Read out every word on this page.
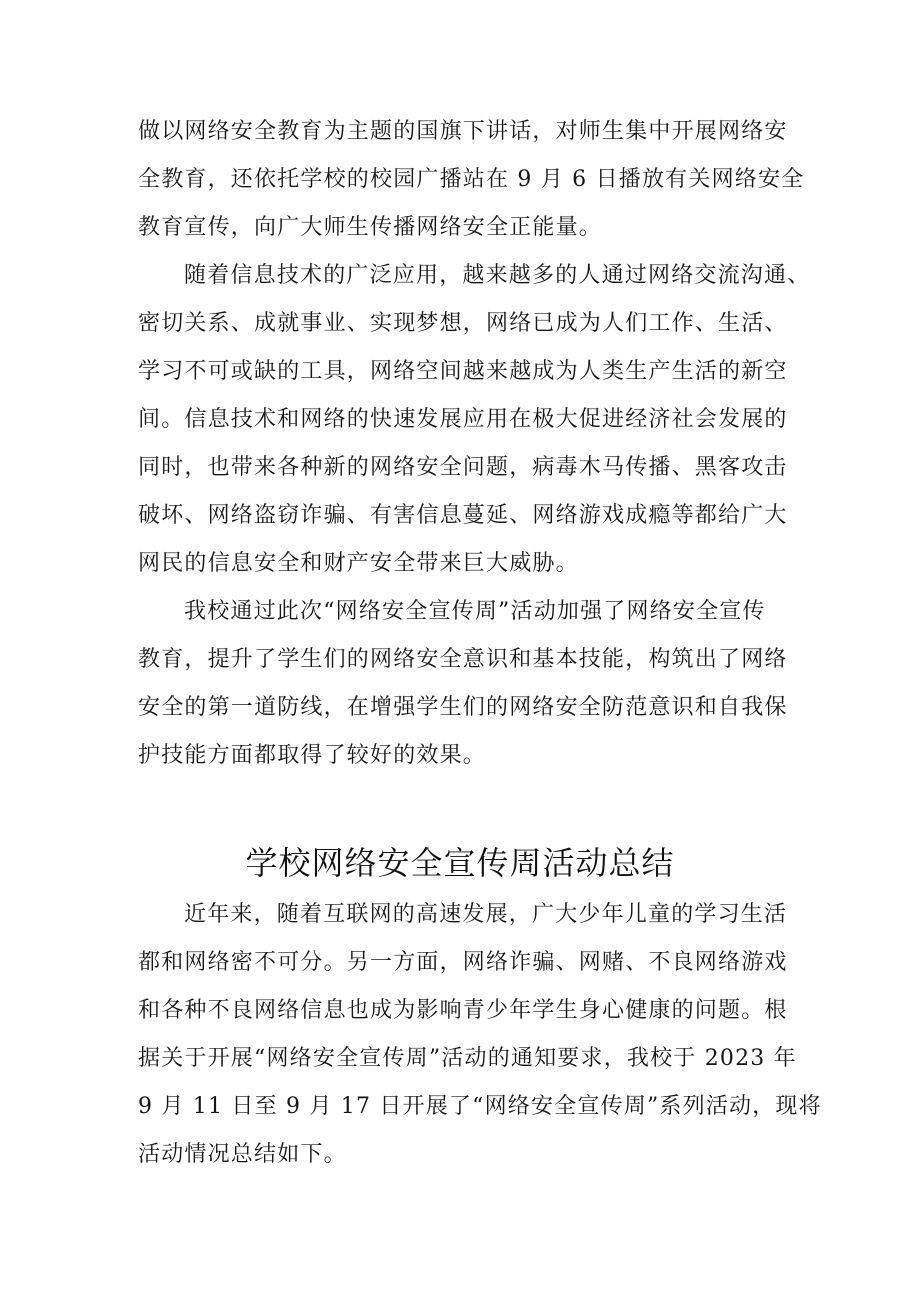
做以网络安全教育为主题的国旗下讲话，对师生集中开展网络安
全教育，还依托学校的校园广播站在 9 月 6 日播放有关网络安全
教育宣传，向广大师生传播网络安全正能量。
随着信息技术的广泛应用，越来越多的人通过网络交流沟通、
密切关系、成就事业、实现梦想，网络已成为人们工作、生活、
学习不可或缺的工具，网络空间越来越成为人类生产生活的新空
间。信息技术和网络的快速发展应用在极大促进经济社会发展的
同时，也带来各种新的网络安全问题，病毒木马传播、黑客攻击
破坏、网络盗窃诈骗、有害信息蔓延、网络游戏成瘾等都给广大
网民的信息安全和财产安全带来巨大威胁。
我校通过此次“网络安全宣传周”活动加强了网络安全宣传
教育，提升了学生们的网络安全意识和基本技能，构筑出了网络
安全的第一道防线，在增强学生们的网络安全防范意识和自我保
护技能方面都取得了较好的效果。
学校网络安全宣传周活动总结
近年来，随着互联网的高速发展，广大少年儿童的学习生活
都和网络密不可分。另一方面，网络诈骗、网赌、不良网络游戏
和各种不良网络信息也成为影响青少年学生身心健康的问题。根
据关于开展“网络安全宣传周”活动的通知要求，我校于 2023 年
9 月 11 日至 9 月 17 日开展了“网络安全宣传周”系列活动，现将
活动情况总结如下。
